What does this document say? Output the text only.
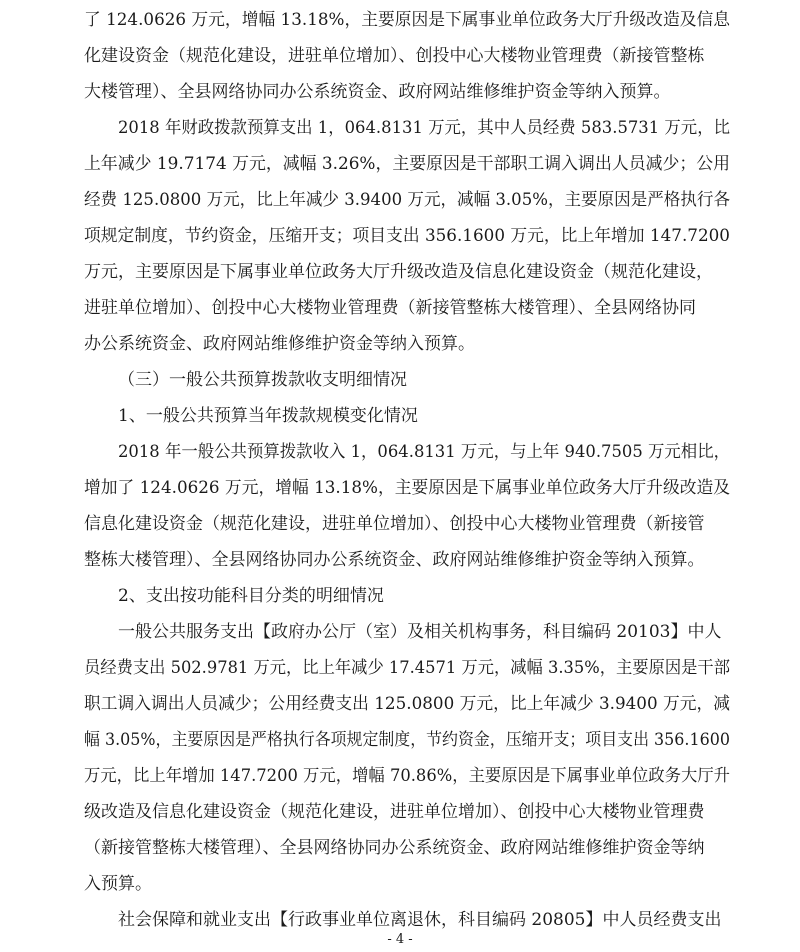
了 124.0626 万元，增幅 13.18%，主要原因是下属事业单位政务大厅升级改造及信息
化建设资金（规范化建设，进驻单位增加）、创投中心大楼物业管理费（新接管整栋
大楼管理）、全县网络协同办公系统资金、政府网站维修维护资金等纳入预算。
2018 年财政拨款预算支出 1，064.8131 万元，其中人员经费 583.5731 万元，比
上年减少 19.7174 万元，减幅 3.26%，主要原因是干部职工调入调出人员减少；公用
经费 125.0800 万元，比上年减少 3.9400 万元，减幅 3.05%，主要原因是严格执行各
项规定制度，节约资金，压缩开支；项目支出 356.1600 万元，比上年增加 147.7200
万元，主要原因是下属事业单位政务大厅升级改造及信息化建设资金（规范化建设，
进驻单位增加）、创投中心大楼物业管理费（新接管整栋大楼管理）、全县网络协同
办公系统资金、政府网站维修维护资金等纳入预算。
（三）一般公共预算拨款收支明细情况
1、一般公共预算当年拨款规模变化情况
2018 年一般公共预算拨款收入 1，064.8131 万元，与上年 940.7505 万元相比，
增加了 124.0626 万元，增幅 13.18%，主要原因是下属事业单位政务大厅升级改造及
信息化建设资金（规范化建设，进驻单位增加）、创投中心大楼物业管理费（新接管
整栋大楼管理）、全县网络协同办公系统资金、政府网站维修维护资金等纳入预算。
2、支出按功能科目分类的明细情况
一般公共服务支出【政府办公厅（室）及相关机构事务，科目编码 20103】中人
员经费支出 502.9781 万元，比上年减少 17.4571 万元，减幅 3.35%，主要原因是干部
职工调入调出人员减少；公用经费支出 125.0800 万元，比上年减少 3.9400 万元，减
幅 3.05%，主要原因是严格执行各项规定制度，节约资金，压缩开支；项目支出 356.1600
万元，比上年增加 147.7200 万元，增幅 70.86%，主要原因是下属事业单位政务大厅升
级改造及信息化建设资金（规范化建设，进驻单位增加）、创投中心大楼物业管理费
（新接管整栋大楼管理）、全县网络协同办公系统资金、政府网站维修维护资金等纳
入预算。
社会保障和就业支出【行政事业单位离退休，科目编码 20805】中人员经费支出
- 4 -
